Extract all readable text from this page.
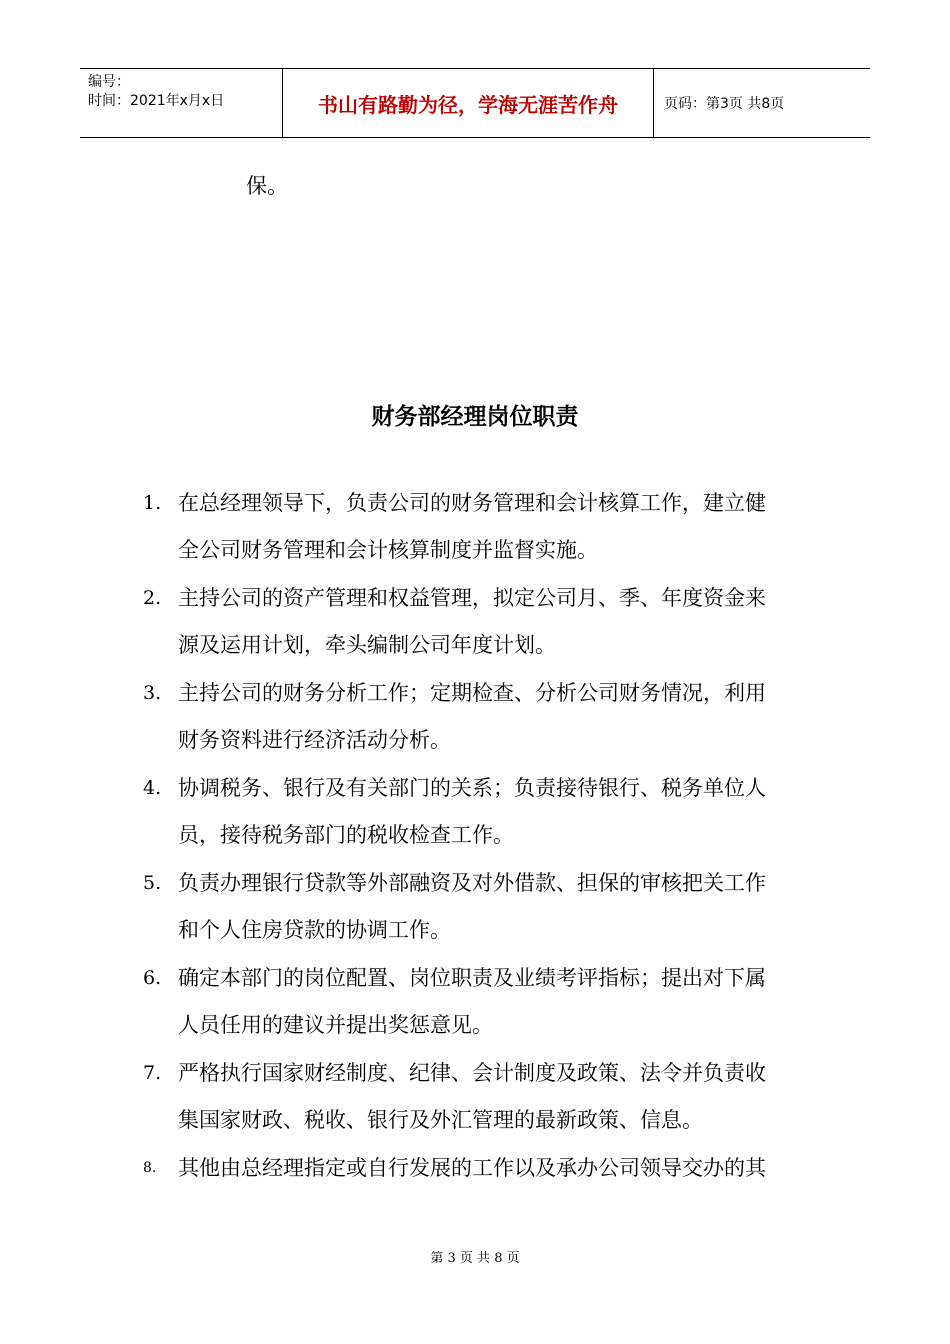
编号：
时间：2021年x月x日	书山有路勤为径，学海无涯苦作舟	页码：第3页 共8页
保。
财务部经理岗位职责
1. 在总经理领导下，负责公司的财务管理和会计核算工作，建立健
全公司财务管理和会计核算制度并监督实施。
2. 主持公司的资产管理和权益管理，拟定公司月、季、年度资金来
源及运用计划，牵头编制公司年度计划。
3. 主持公司的财务分析工作；定期检查、分析公司财务情况，利用
财务资料进行经济活动分析。
4. 协调税务、银行及有关部门的关系；负责接待银行、税务单位人
员，接待税务部门的税收检查工作。
5. 负责办理银行贷款等外部融资及对外借款、担保的审核把关工作
和个人住房贷款的协调工作。
6. 确定本部门的岗位配置、岗位职责及业绩考评指标；提出对下属
人员任用的建议并提出奖惩意见。
7. 严格执行国家财经制度、纪律、会计制度及政策、法令并负责收
集国家财政、税收、银行及外汇管理的最新政策、信息。
8. 其他由总经理指定或自行发展的工作以及承办公司领导交办的其
第 3 页 共 8 页
